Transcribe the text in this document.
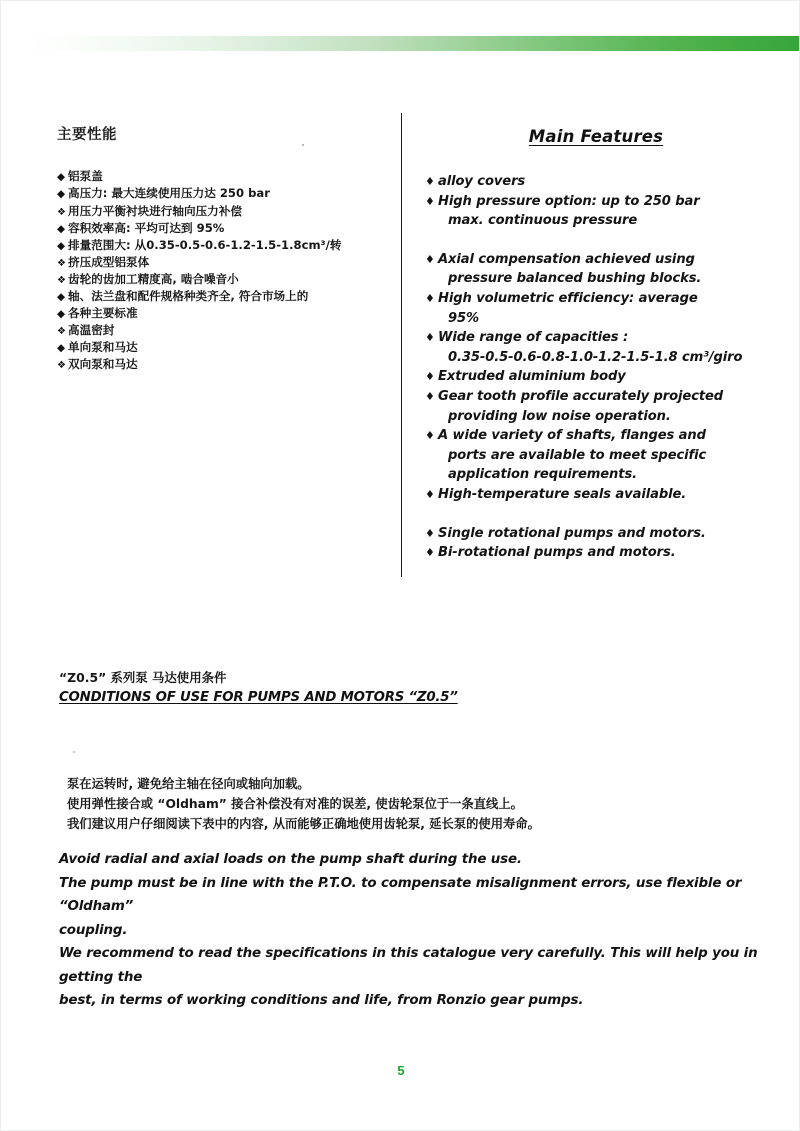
主要性能
◆ 铝泵盖
◆ 高压力: 最大连续使用压力达 250 bar
❖ 用压力平衡衬块进行轴向压力补偿
◆ 容积效率高: 平均可达到 95%
◆ 排量范围大: 从0.35-0.5-0.6-1.2-1.5-1.8cm³/转
❖ 挤压成型铝泵体
❖ 齿轮的齿加工精度高, 啮合噪音小
◆ 轴、法兰盘和配件规格种类齐全, 符合市场上的
◆ 各种主要标准
❖ 高温密封
◆ 单向泵和马达
❖ 双向泵和马达
Main Features
♦ alloy covers
♦ High pressure option: up to 250 bar
max. continuous pressure
♦ Axial compensation achieved using
pressure balanced bushing blocks.
♦ High volumetric efficiency: average
95%
♦ Wide range of capacities :
0.35-0.5-0.6-0.8-1.0-1.2-1.5-1.8 cm³/giro
♦ Extruded aluminium body
♦ Gear tooth profile accurately projected
providing low noise operation.
♦ A wide variety of shafts, flanges and
ports are available to meet specific
application requirements.
♦ High-temperature seals available.
♦ Single rotational pumps and motors.
♦ Bi-rotational pumps and motors.

“Z0.5” 系列泵 马达使用条件

CONDITIONS OF USE FOR PUMPS AND MOTORS “Z0.5”

泵在运转时, 避免给主轴在径向或轴向加载。

使用弹性接合或 “Oldham” 接合补偿没有对准的误差, 使齿轮泵位于一条直线上。

我们建议用户仔细阅读下表中的内容, 从而能够正确地使用齿轮泵, 延长泵的使用寿命。

Avoid radial and axial loads on the pump shaft during the use.

The pump must be in line with the P.T.O. to compensate misalignment errors, use flexible or “Oldham”

coupling.

We recommend to read the specifications in this catalogue very carefully. This will help you in getting the

best, in terms of working conditions and life, from Ronzio gear pumps.

5
